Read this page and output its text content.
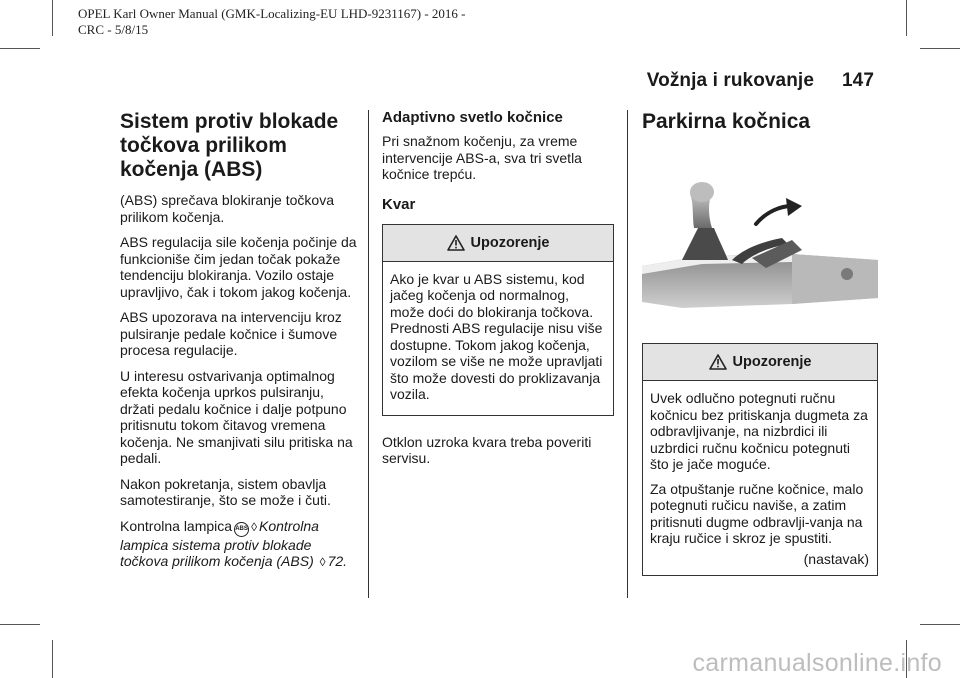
OPEL Karl Owner Manual (GMK-Localizing-EU LHD-9231167) - 2016 -
CRC - 5/8/15
Vožnja i rukovanje 147
Sistem protiv blokade točkova prilikom kočenja (ABS)

(ABS) sprečava blokiranje točkova prilikom kočenja.

ABS regulacija sile kočenja počinje da funkcioniše čim jedan točak pokaže tendenciju blokiranja. Vozilo ostaje upravljivo, čak i tokom jakog kočenja.

ABS upozorava na intervenciju kroz pulsiranje pedale kočnice i šumove procesa regulacije.

U interesu ostvarivanja optimalnog efekta kočenja uprkos pulsiranju, držati pedalu kočnice i dalje potpuno pritisnutu tokom čitavog vremena kočenja. Ne smanjivati silu pritiska na pedali.

Nakon pokretanja, sistem obavlja samotestiranje, što se može i čuti.

Kontrolna lampica ABS ◊ Kontrolna lampica sistema protiv blokade točkova prilikom kočenja (ABS) ◊ 72.

Adaptivno svetlo kočnice

Pri snažnom kočenju, za vreme intervencije ABS-a, sva tri svetla kočnice trepću.

Kvar
Upozorenje

Ako je kvar u ABS sistemu, kod jačeg kočenja od normalnog, može doći do blokiranja točkova. Prednosti ABS regulacije nisu više dostupne. Tokom jakog kočenja, vozilom se više ne može upravljati što može dovesti do proklizavanja vozila.

Otklon uzroka kvara treba poveriti servisu.

Parkirna kočnica
Upozorenje

Uvek odlučno potegnuti ručnu kočnicu bez pritiskanja dugmeta za odbravljivanje, na nizbrdici ili uzbrdici ručnu kočnicu potegnuti što je jače moguće.

Za otpuštanje ručne kočnice, malo potegnuti ručicu naviše, a zatim pritisnuti dugme odbravlji-vanja na kraju ručice i skroz je spustiti.

(nastavak)
carmanualsonline.info
